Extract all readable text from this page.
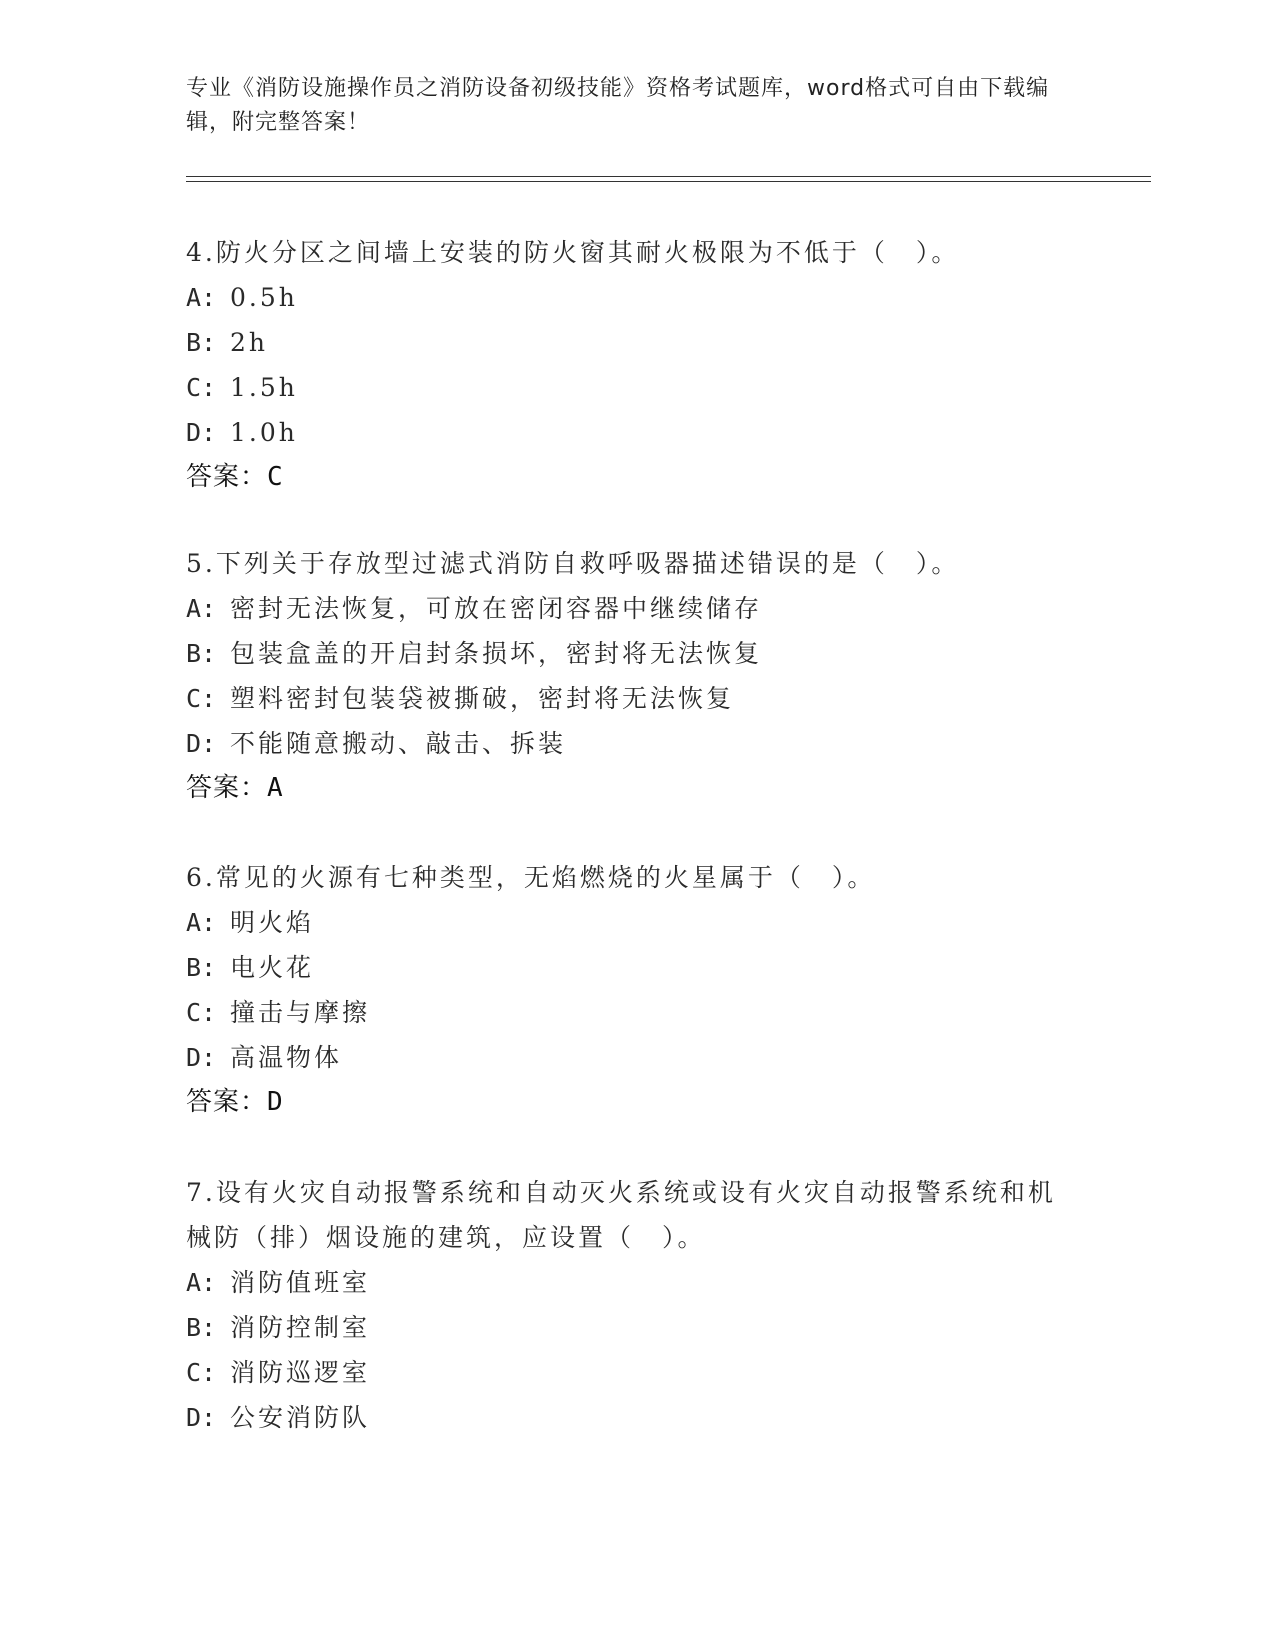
专业《消防设施操作员之消防设备初级技能》资格考试题库，word格式可自由下载编辑，附完整答案！

4.防火分区之间墙上安装的防火窗其耐火极限为不低于（　）。

A: 0.5h
B: 2h
C: 1.5h
D: 1.0h
答案：C

5.下列关于存放型过滤式消防自救呼吸器描述错误的是（　）。

A: 密封无法恢复，可放在密闭容器中继续储存
B: 包装盒盖的开启封条损坏，密封将无法恢复
C: 塑料密封包装袋被撕破，密封将无法恢复
D: 不能随意搬动、敲击、拆装
答案：A

6.常见的火源有七种类型，无焰燃烧的火星属于（　）。

A: 明火焰
B: 电火花
C: 撞击与摩擦
D: 高温物体
答案：D

7.设有火灾自动报警系统和自动灭火系统或设有火灾自动报警系统和机械防（排）烟设施的建筑，应设置（　）。

A: 消防值班室
B: 消防控制室
C: 消防巡逻室
D: 公安消防队
